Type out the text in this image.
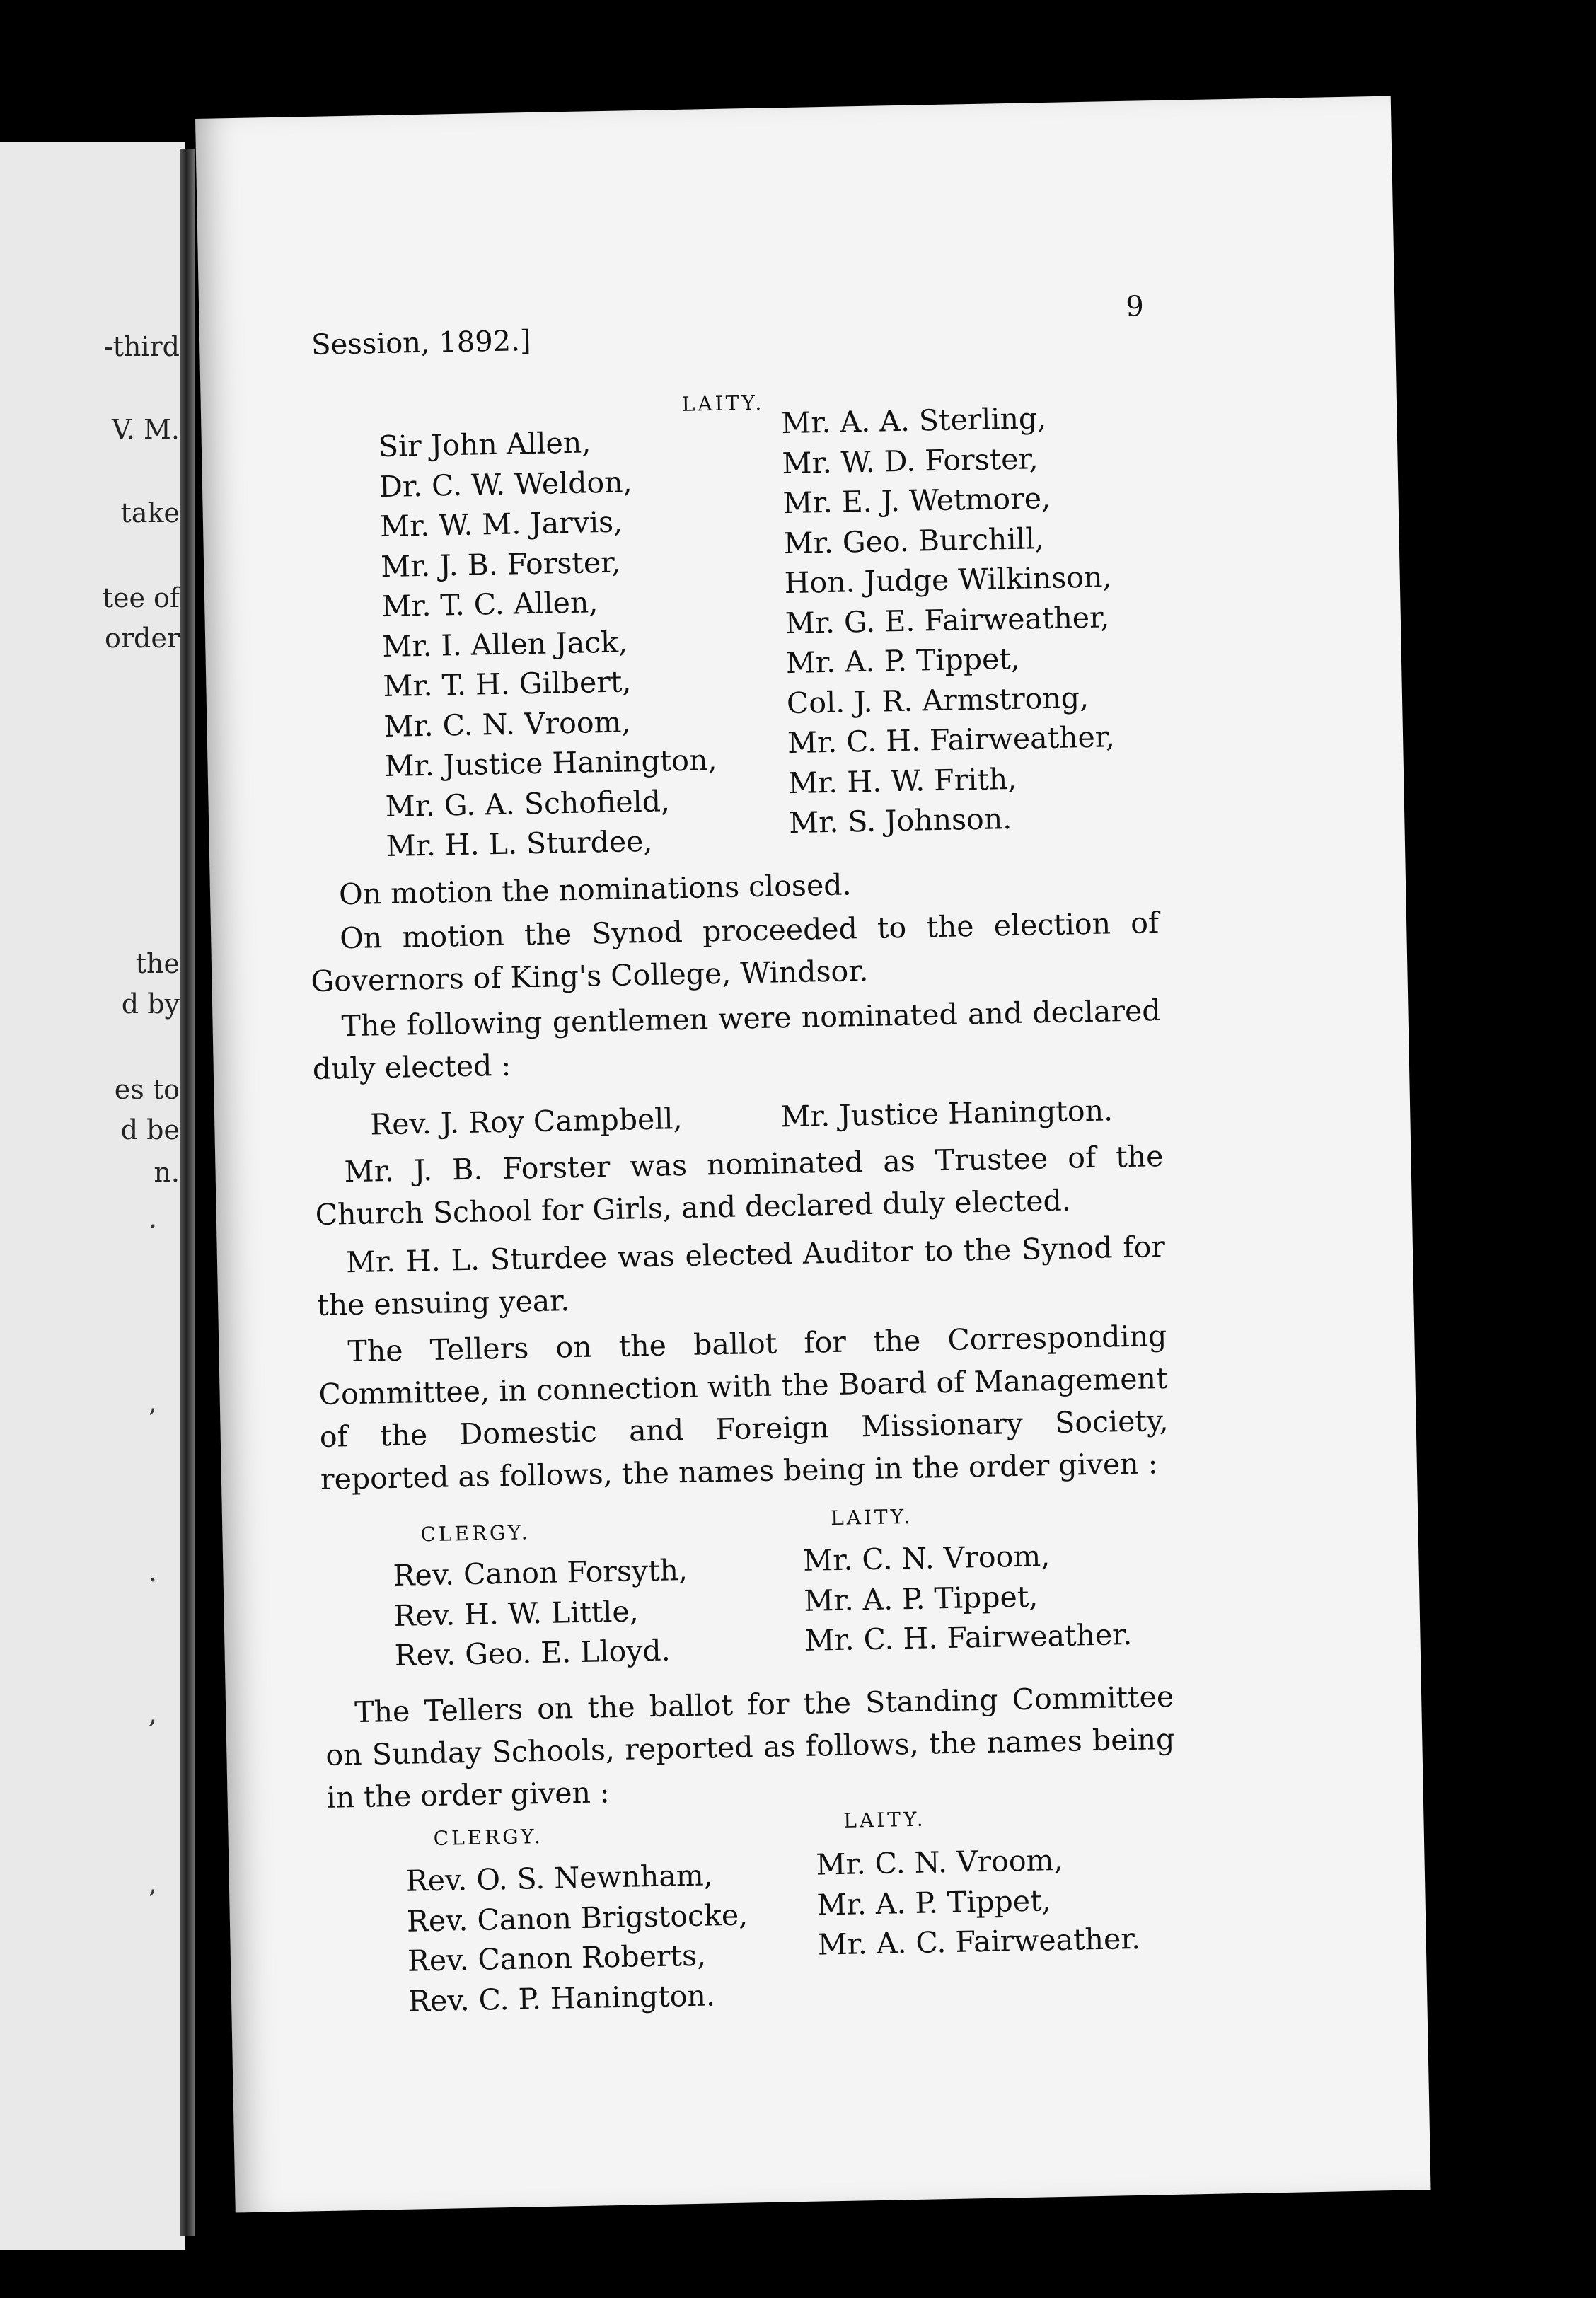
-third
V. M.
take
tee of
order
the
d by
es to
d be
n.
.
,
.
,
,
Session, 1892.]
9
LAITY.
Sir John Allen,
Dr. C. W. Weldon,
Mr. W. M. Jarvis,
Mr. J. B. Forster,
Mr. T. C. Allen,
Mr. I. Allen Jack,
Mr. T. H. Gilbert,
Mr. C. N. Vroom,
Mr. Justice Hanington,
Mr. G. A. Schofield,
Mr. H. L. Sturdee,
Mr. A. A. Sterling,
Mr. W. D. Forster,
Mr. E. J. Wetmore,
Mr. Geo. Burchill,
Hon. Judge Wilkinson,
Mr. G. E. Fairweather,
Mr. A. P. Tippet,
Col. J. R. Armstrong,
Mr. C. H. Fairweather,
Mr. H. W. Frith,
Mr. S. Johnson.
On motion the nominations closed.
On motion the Synod proceeded to the election of Governors of King's College, Windsor.
The following gentlemen were nominated and declared duly elected :
Rev. J. Roy Campbell,	Mr. Justice Hanington.
Mr. J. B. Forster was nominated as Trustee of the Church School for Girls, and declared duly elected.
Mr. H. L. Sturdee was elected Auditor to the Synod for the ensuing year.
The Tellers on the ballot for the Corresponding Committee, in connection with the Board of Management of the Domestic and Foreign Missionary Society, reported as follows, the names being in the order given :
CLERGY.
LAITY.
Rev. Canon Forsyth,
Rev. H. W. Little,
Rev. Geo. E. Lloyd.
Mr. C. N. Vroom,
Mr. A. P. Tippet,
Mr. C. H. Fairweather.
The Tellers on the ballot for the Standing Committee on Sunday Schools, reported as follows, the names being in the order given :
CLERGY.
LAITY.
Rev. O. S. Newnham,
Rev. Canon Brigstocke,
Rev. Canon Roberts,
Rev. C. P. Hanington.
Mr. C. N. Vroom,
Mr. A. P. Tippet,
Mr. A. C. Fairweather.
